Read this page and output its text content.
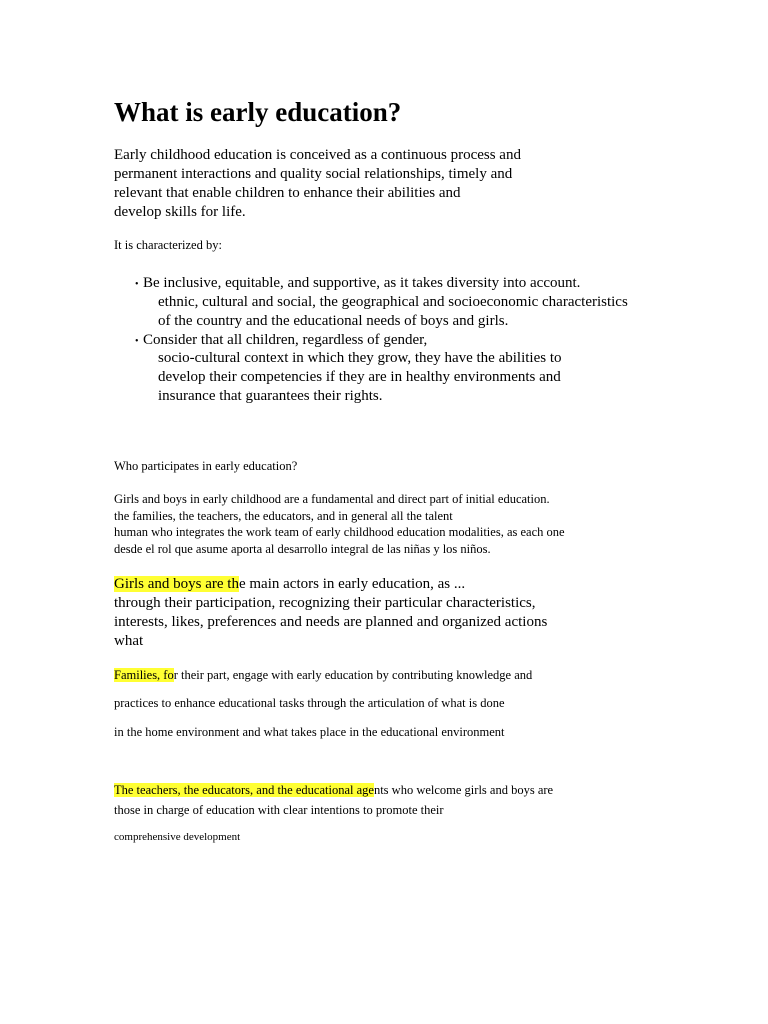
What is early education?
Early childhood education is conceived as a continuous process and
permanent interactions and quality social relationships, timely and
relevant that enable children to enhance their abilities and
develop skills for life.
It is characterized by:
• Be inclusive, equitable, and supportive, as it takes diversity into account.
ethnic, cultural and social, the geographical and socioeconomic characteristics
of the country and the educational needs of boys and girls.
• Consider that all children, regardless of gender,
socio-cultural context in which they grow, they have the abilities to
develop their competencies if they are in healthy environments and
insurance that guarantees their rights.
Who participates in early education?
Girls and boys in early childhood are a fundamental and direct part of initial education.
the families, the teachers, the educators, and in general all the talent
human who integrates the work team of early childhood education modalities, as each one
desde el rol que asume aporta al desarrollo integral de las niñas y los niños.
Girls and boys are the main actors in early education, as ...
through their participation, recognizing their particular characteristics,
interests, likes, preferences and needs are planned and organized actions
what
Families, for their part, engage with early education by contributing knowledge and
practices to enhance educational tasks through the articulation of what is done
in the home environment and what takes place in the educational environment
The teachers, the educators, and the educational agents who welcome girls and boys are
those in charge of education with clear intentions to promote their
comprehensive development
